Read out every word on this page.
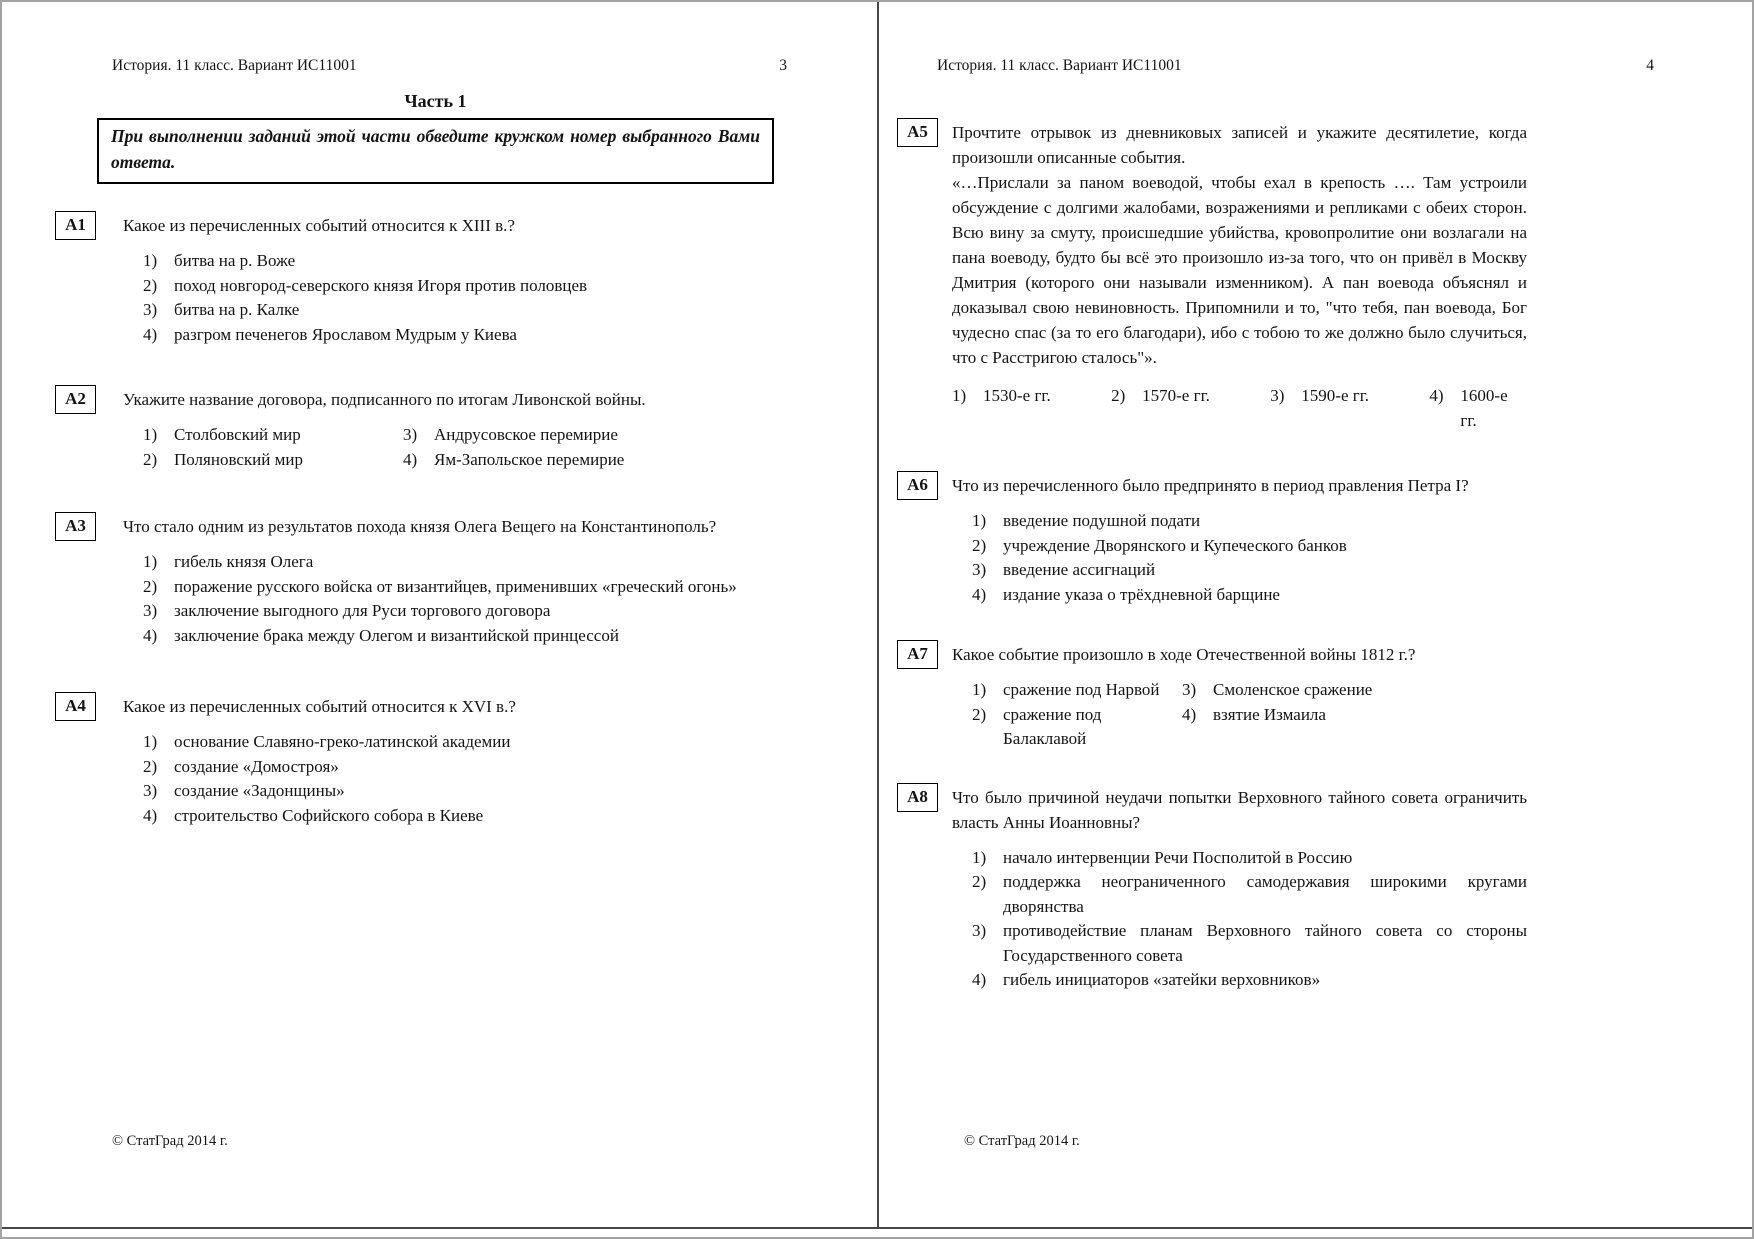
История. 11 класс. Вариант ИС11001	3
Часть 1
При выполнении заданий этой части обведите кружком номер выбранного Вами ответа.
А1	Какое из перечисленных событий относится к XIII в.?
1) битва на р. Воже
2) поход новгород-северского князя Игоря против половцев
3) битва на р. Калке
4) разгром печенегов Ярославом Мудрым у Киева
А2	Укажите название договора, подписанного по итогам Ливонской войны.
1) Столбовский мир	3) Андрусовское перемирие
2) Поляновский мир	4) Ям-Запольское перемирие
А3	Что стало одним из результатов похода князя Олега Вещего на Константинополь?
1) гибель князя Олега
2) поражение русского войска от византийцев, применивших «греческий огонь»
3) заключение выгодного для Руси торгового договора
4) заключение брака между Олегом и византийской принцессой
А4	Какое из перечисленных событий относится к XVI в.?
1) основание Славяно-греко-латинской академии
2) создание «Домостроя»
3) создание «Задонщины»
4) строительство Софийского собора в Киеве
© СтатГрад 2014 г.
История. 11 класс. Вариант ИС11001	4
А5	Прочтите отрывок из дневниковых записей и укажите десятилетие, когда произошли описанные события.
«…Прислали за паном воеводой, чтобы ехал в крепость …. Там устроили обсуждение с долгими жалобами, возражениями и репликами с обеих сторон. Всю вину за смуту, происшедшие убийства, кровопролитие они возлагали на пана воеводу, будто бы всё это произошло из-за того, что он привёл в Москву Дмитрия (которого они называли изменником). А пан воевода объяснял и доказывал свою невиновность. Припомнили и то, "что тебя, пан воевода, Бог чудесно спас (за то его благодари), ибо с тобою то же должно было случиться, что с Расстригою сталось"».
1) 1530-е гг.	2) 1570-е гг.	3) 1590-е гг.	4) 1600-е гг.
А6	Что из перечисленного было предпринято в период правления Петра I?
1) введение подушной подати
2) учреждение Дворянского и Купеческого банков
3) введение ассигнаций
4) издание указа о трёхдневной барщине
А7	Какое событие произошло в ходе Отечественной войны 1812 г.?
1) сражение под Нарвой	3) Смоленское сражение
2) сражение под Балаклавой
4) взятие Измаила
А8	Что было причиной неудачи попытки Верховного тайного совета ограничить власть Анны Иоанновны?
1) начало интервенции Речи Посполитой в Россию
2) поддержка неограниченного самодержавия широкими кругами дворянства
3) противодействие планам Верховного тайного совета со стороны Государственного совета
4) гибель инициаторов «затейки верховников»
© СтатГрад 2014 г.
